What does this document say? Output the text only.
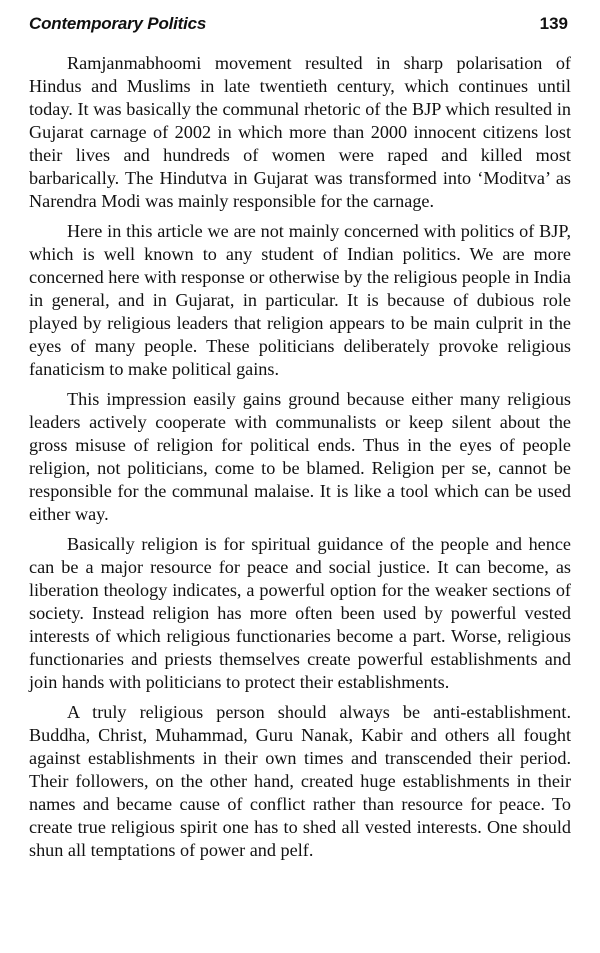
Contemporary Politics	139

Ramjanmabhoomi movement resulted in sharp polarisation of Hindus and Muslims in late twentieth century, which continues until today. It was basically the communal rhetoric of the BJP which resulted in Gujarat carnage of 2002 in which more than 2000 innocent citizens lost their lives and hundreds of women were raped and killed most barbarically. The Hindutva in Gujarat was transformed into ‘Moditva’ as Narendra Modi was mainly responsible for the carnage.

Here in this article we are not mainly concerned with politics of BJP, which is well known to any student of Indian politics. We are more concerned here with response or otherwise by the religious people in India in general, and in Gujarat, in particular. It is because of dubious role played by religious leaders that religion appears to be main culprit in the eyes of many people. These politicians deliberately provoke religious fanaticism to make political gains.

This impression easily gains ground because either many religious leaders actively cooperate with communalists or keep silent about the gross misuse of religion for political ends. Thus in the eyes of people religion, not politicians, come to be blamed. Religion per se, cannot be responsible for the communal malaise. It is like a tool which can be used either way.

Basically religion is for spiritual guidance of the people and hence can be a major resource for peace and social justice. It can become, as liberation theology indicates, a powerful option for the weaker sections of society. Instead religion has more often been used by powerful vested interests of which religious functionaries become a part. Worse, religious functionaries and priests themselves create powerful establishments and join hands with politicians to protect their establishments.

A truly religious person should always be anti-establishment. Buddha, Christ, Muhammad, Guru Nanak, Kabir and others all fought against establishments in their own times and transcended their period. Their followers, on the other hand, created huge establishments in their names and became cause of conflict rather than resource for peace. To create true religious spirit one has to shed all vested interests. One should shun all temptations of power and pelf.
